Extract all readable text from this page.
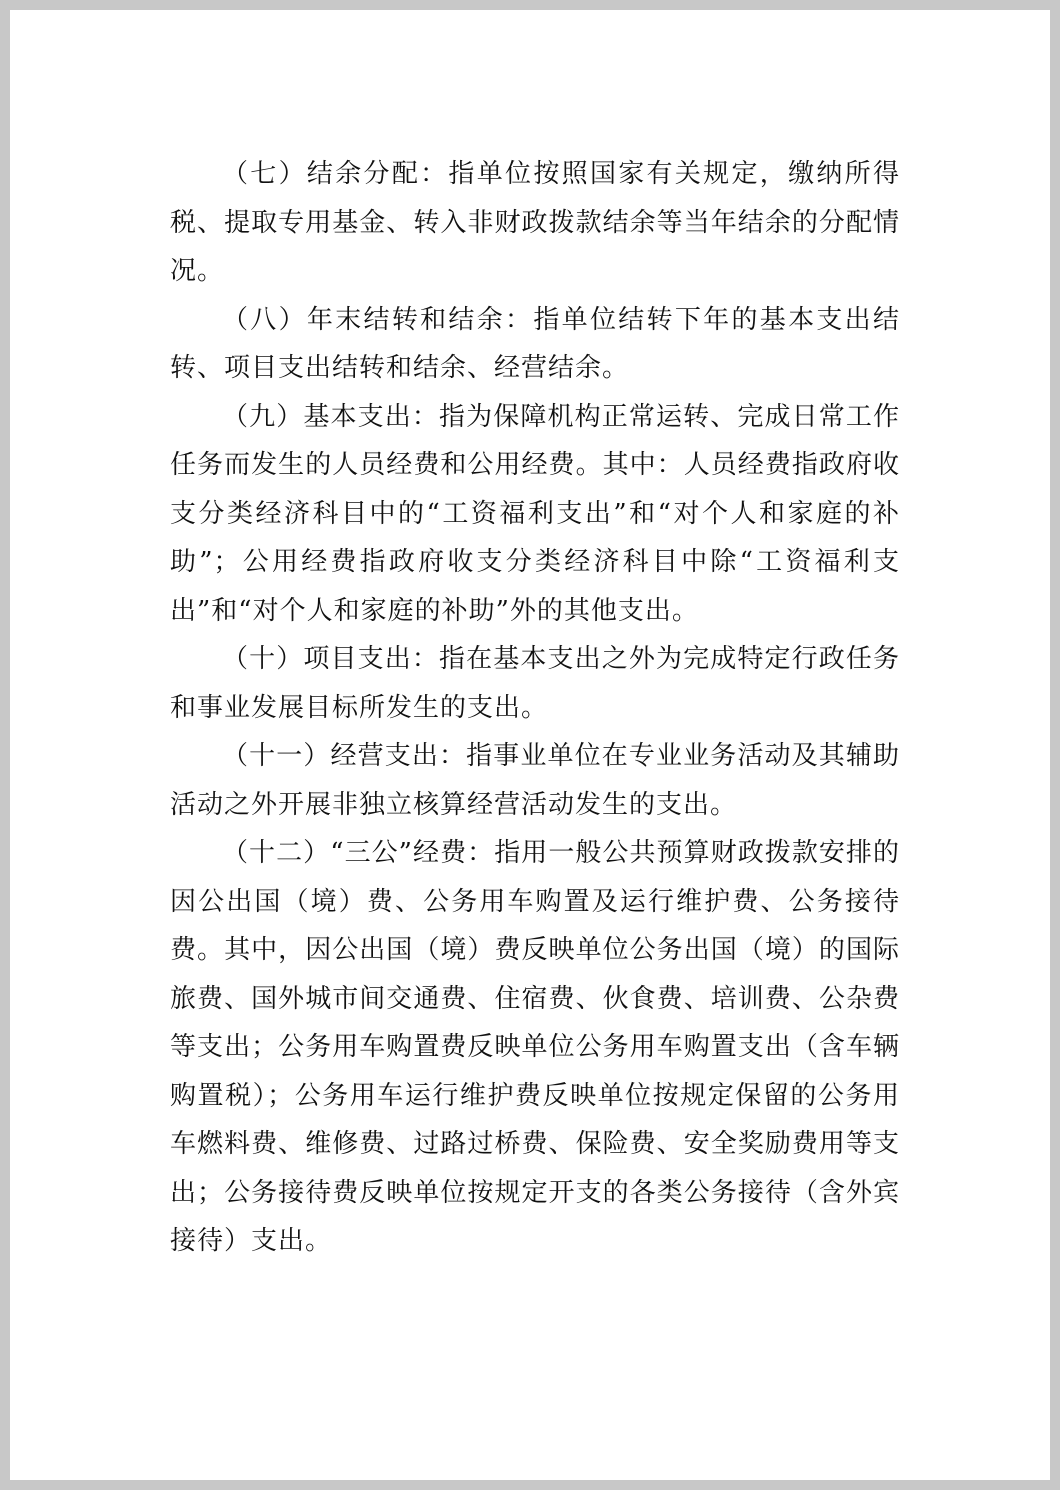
（七）结余分配：指单位按照国家有关规定，缴纳所得税、提取专用基金、转入非财政拨款结余等当年结余的分配情况。

（八）年末结转和结余：指单位结转下年的基本支出结转、项目支出结转和结余、经营结余。

（九）基本支出：指为保障机构正常运转、完成日常工作任务而发生的人员经费和公用经费。其中：人员经费指政府收支分类经济科目中的“工资福利支出”和“对个人和家庭的补助”；公用经费指政府收支分类经济科目中除“工资福利支出”和“对个人和家庭的补助”外的其他支出。

（十）项目支出：指在基本支出之外为完成特定行政任务和事业发展目标所发生的支出。

（十一）经营支出：指事业单位在专业业务活动及其辅助活动之外开展非独立核算经营活动发生的支出。

（十二）“三公”经费：指用一般公共预算财政拨款安排的因公出国（境）费、公务用车购置及运行维护费、公务接待费。其中，因公出国（境）费反映单位公务出国（境）的国际旅费、国外城市间交通费、住宿费、伙食费、培训费、公杂费等支出；公务用车购置费反映单位公务用车购置支出（含车辆购置税）；公务用车运行维护费反映单位按规定保留的公务用车燃料费、维修费、过路过桥费、保险费、安全奖励费用等支出；公务接待费反映单位按规定开支的各类公务接待（含外宾接待）支出。
